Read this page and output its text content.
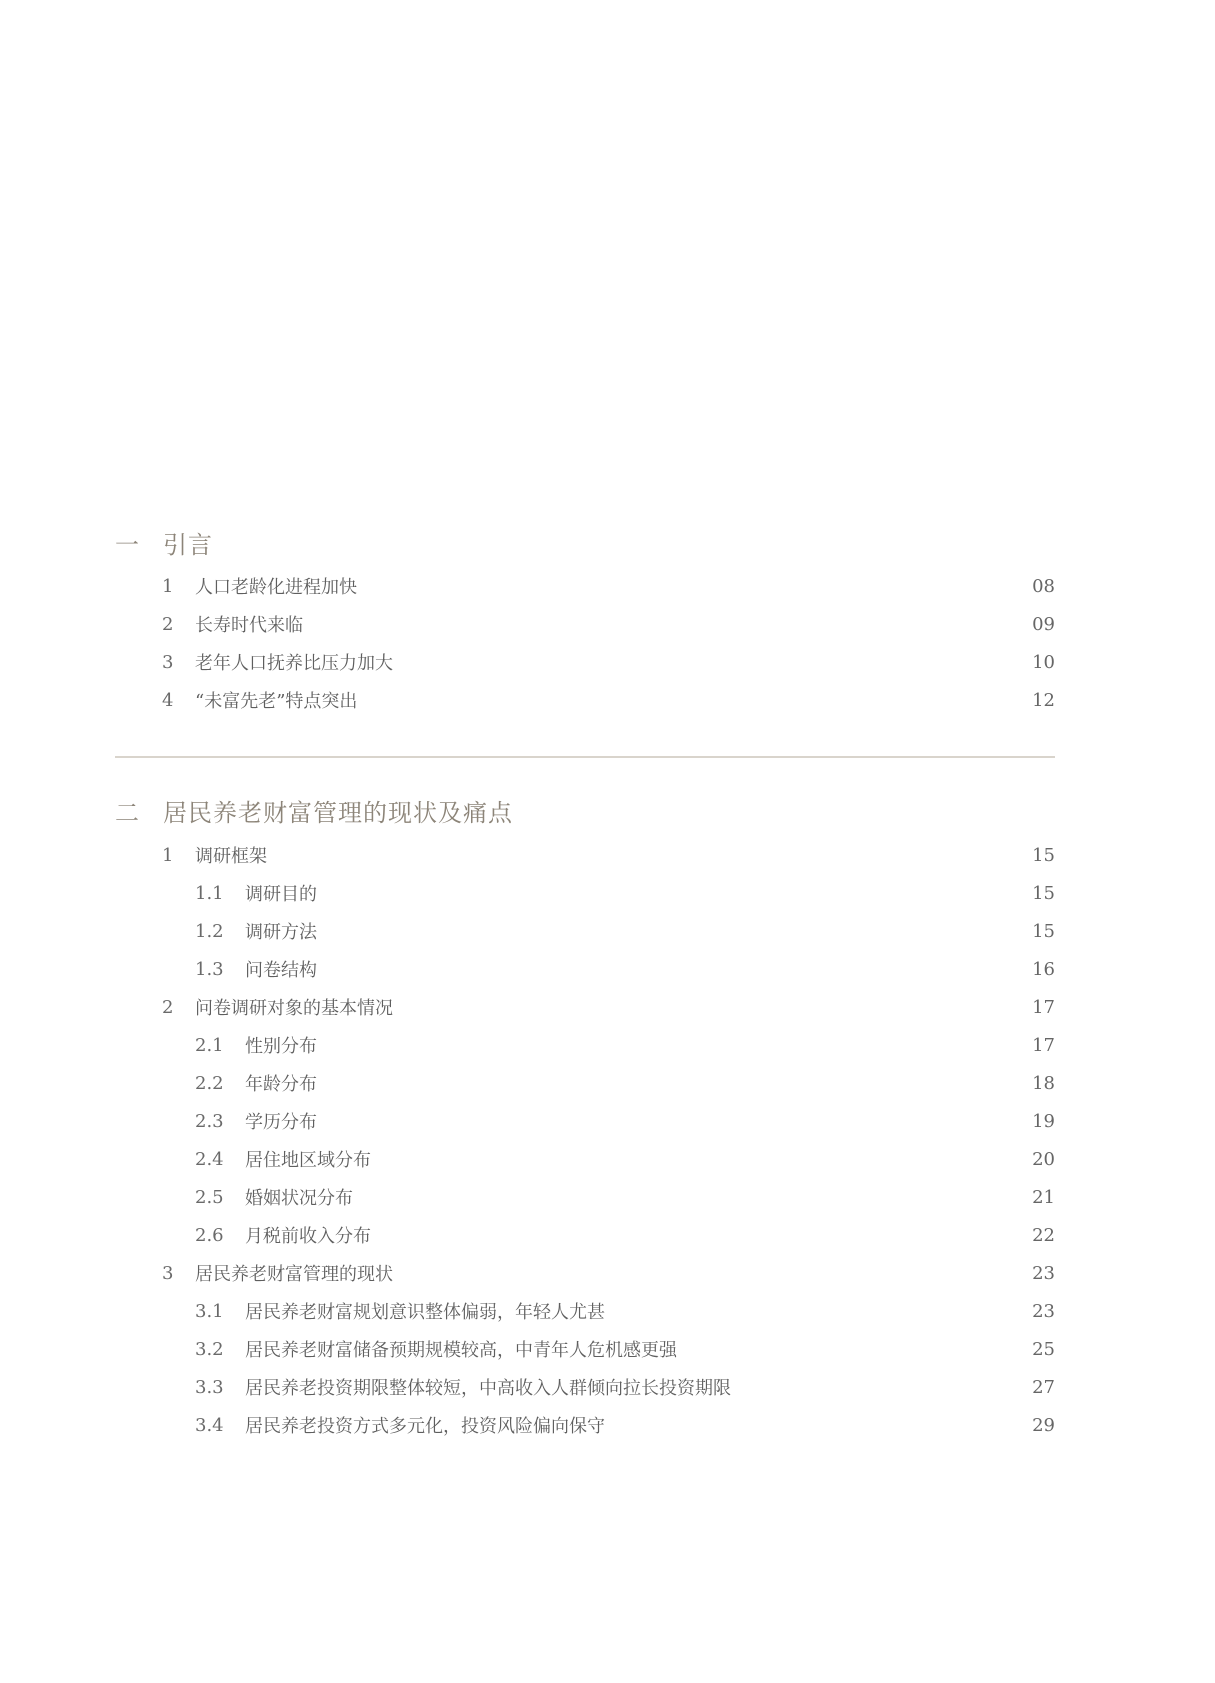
一 引言
1	人口老龄化进程加快	08
2	长寿时代来临	09
3	老年人口抚养比压力加大	10
4	“未富先老”特点突出	12
二 居民养老财富管理的现状及痛点
1	调研框架	15
1.1	调研目的	15
1.2	调研方法	15
1.3	问卷结构	16
2	问卷调研对象的基本情况	17
2.1	性别分布	17
2.2	年龄分布	18
2.3	学历分布	19
2.4	居住地区域分布	20
2.5	婚姻状况分布	21
2.6	月税前收入分布	22
3	居民养老财富管理的现状	23
3.1	居民养老财富规划意识整体偏弱，年轻人尤甚	23
3.2	居民养老财富储备预期规模较高，中青年人危机感更强	25
3.3	居民养老投资期限整体较短，中高收入人群倾向拉长投资期限	27
3.4	居民养老投资方式多元化，投资风险偏向保守	29
